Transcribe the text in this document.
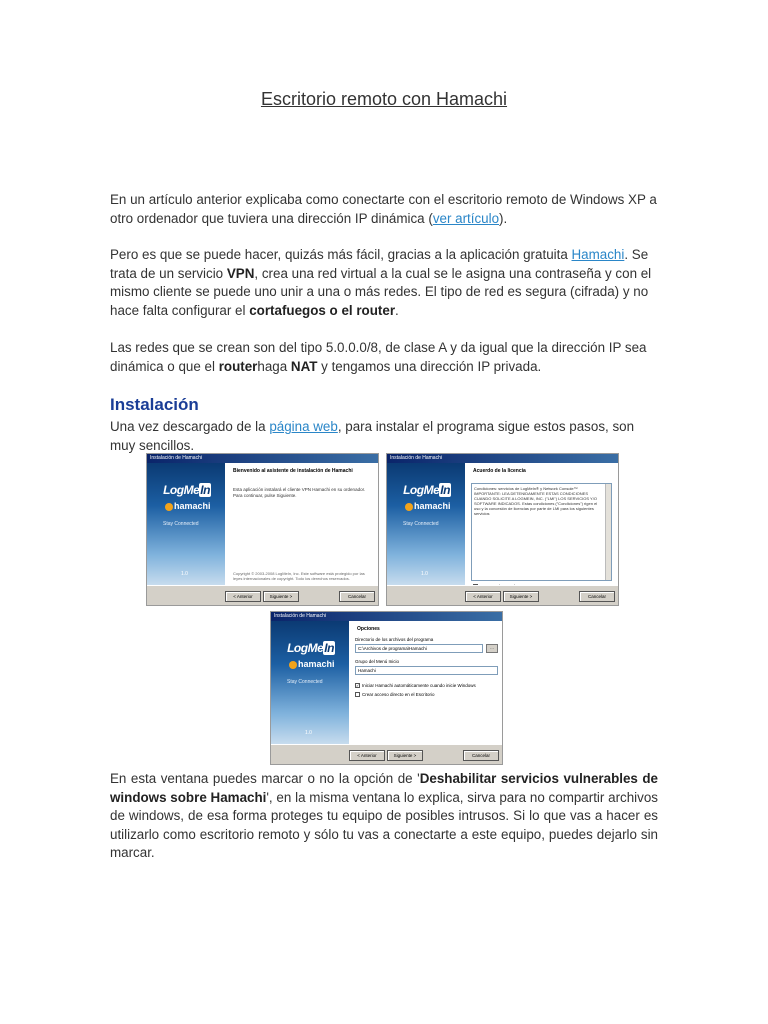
Escritorio remoto con Hamachi

En un artículo anterior explicaba como conectarte con el escritorio remoto de Windows XP a otro ordenador que tuviera una dirección IP dinámica (ver artículo).

Pero es que se puede hacer, quizás más fácil, gracias a la aplicación gratuita Hamachi. Se trata de un servicio VPN, crea una red virtual a la cual se le asigna una contraseña y con el mismo cliente se puede uno unir a una o más redes. El tipo de red es segura (cifrada) y no hace falta configurar el cortafuegos o el router.

Las redes que se crean son del tipo 5.0.0.0/8, de clase A y da igual que la dirección IP sea dinámica o que el routerhaga NAT y tengamos una dirección IP privada.

Instalación

Una vez descargado de la página web, para instalar el programa sigue estos pasos, son muy sencillos.

Instalación de Hamachi
LogMeIn
hamachi
Stay Connected
1.0
Bienvenido al asistente de instalación de Hamachi
Esta aplicación instalará el cliente VPN Hamachi en su ordenador. Para continuar, pulse Siguiente.
Copyright © 2003-2008 LogMeIn, Inc. Este software está protegido por las leyes internacionales de copyright. Todo los derechos reservados.
< Anterior	Siguiente >	Cancelar
Instalación de Hamachi
LogMeIn
hamachi
Stay Connected
1.0
Acuerdo de la licencia
Condiciones: servicios de LogMeIn® y Network Console™ IMPORTANTE: LEA DETENIDAMENTE ESTAS CONDICIONES CUANDO SOLICITE A LOGMEIN, INC. ("LMI") LOS SERVICIOS Y/O SOFTWARE INDICADOS. Estas condiciones ("Condiciones") rigen el uso y la concesión de licencias por parte de LMI para los siguientes servicios
< Anterior	Siguiente >	Cancelar
Instalación de Hamachi
LogMeIn
hamachi
Stay Connected
1.0
Opciones
Directorio de los archivos del programa
C:\Archivos de programa\Hamachi	...
Grupo del Menú Inicio
Hamachi
✓ Iniciar Hamachi automáticamente cuando inicie Windows
Crear acceso directo en el Escritorio
< Anterior	Siguiente >	Cancelar

En esta ventana puedes marcar o no la opción de 'Deshabilitar servicios vulnerables de windows sobre Hamachi', en la misma ventana lo explica, sirva para no compartir archivos de windows, de esa forma proteges tu equipo de posibles intrusos. Si lo que vas a hacer es utilizarlo como escritorio remoto y sólo tu vas a conectarte a este equipo, puedes dejarlo sin marcar.
